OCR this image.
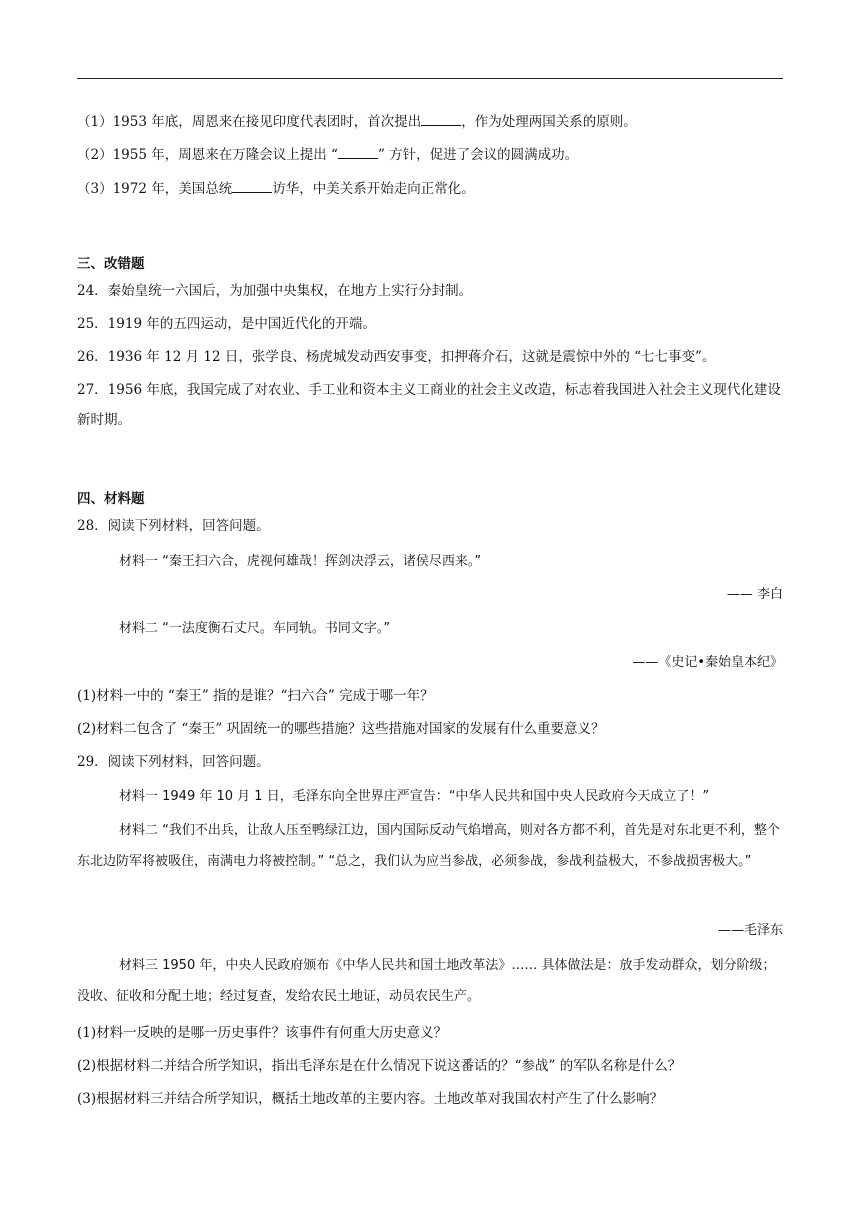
（1）1953 年底，周恩来在接见印度代表团时，首次提出	，作为处理两国关系的原则。
（2）1955 年，周恩来在万隆会议上提出 “	” 方针，促进了会议的圆满成功。
（3）1972 年，美国总统	访华，中美关系开始走向正常化。
三、改错题
24．秦始皇统一六国后，为加强中央集权，在地方上实行分封制。
25．1919 年的五四运动，是中国近代化的开端。
26．1936 年 12 月 12 日，张学良、杨虎城发动西安事变，扣押蒋介石，这就是震惊中外的 “七七事变”。
27．1956 年底，我国完成了对农业、手工业和资本主义工商业的社会主义改造，标志着我国进入社会主义现代化建设新时期。
四、材料题
28．阅读下列材料，回答问题。
材料一 “秦王扫六合，虎视何雄哉！挥剑决浮云，诸侯尽西来。”
—— 李白
材料二 “一法度衡石丈尺。车同轨。书同文字。”
——《史记•秦始皇本纪》
(1)材料一中的 “秦王” 指的是谁？“扫六合” 完成于哪一年？
(2)材料二包含了 “秦王” 巩固统一的哪些措施？这些措施对国家的发展有什么重要意义？
29．阅读下列材料，回答问题。
材料一 1949 年 10 月 1 日，毛泽东向全世界庄严宣告：“中华人民共和国中央人民政府今天成立了！”
材料二 “我们不出兵，让敌人压至鸭绿江边，国内国际反动气焰增高，则对各方都不利，首先是对东北更不利，整个东北边防军将被吸住，南满电力将被控制。” “总之，我们认为应当参战，必须参战，参战利益极大，不参战损害极大。”
——毛泽东
材料三 1950 年，中央人民政府颁布《中华人民共和国土地改革法》…… 具体做法是：放手发动群众，划分阶级；没收、征收和分配土地；经过复查，发给农民土地证，动员农民生产。
(1)材料一反映的是哪一历史事件？该事件有何重大历史意义？
(2)根据材料二并结合所学知识，指出毛泽东是在什么情况下说这番话的？“参战” 的军队名称是什么？
(3)根据材料三并结合所学知识，概括土地改革的主要内容。土地改革对我国农村产生了什么影响？
